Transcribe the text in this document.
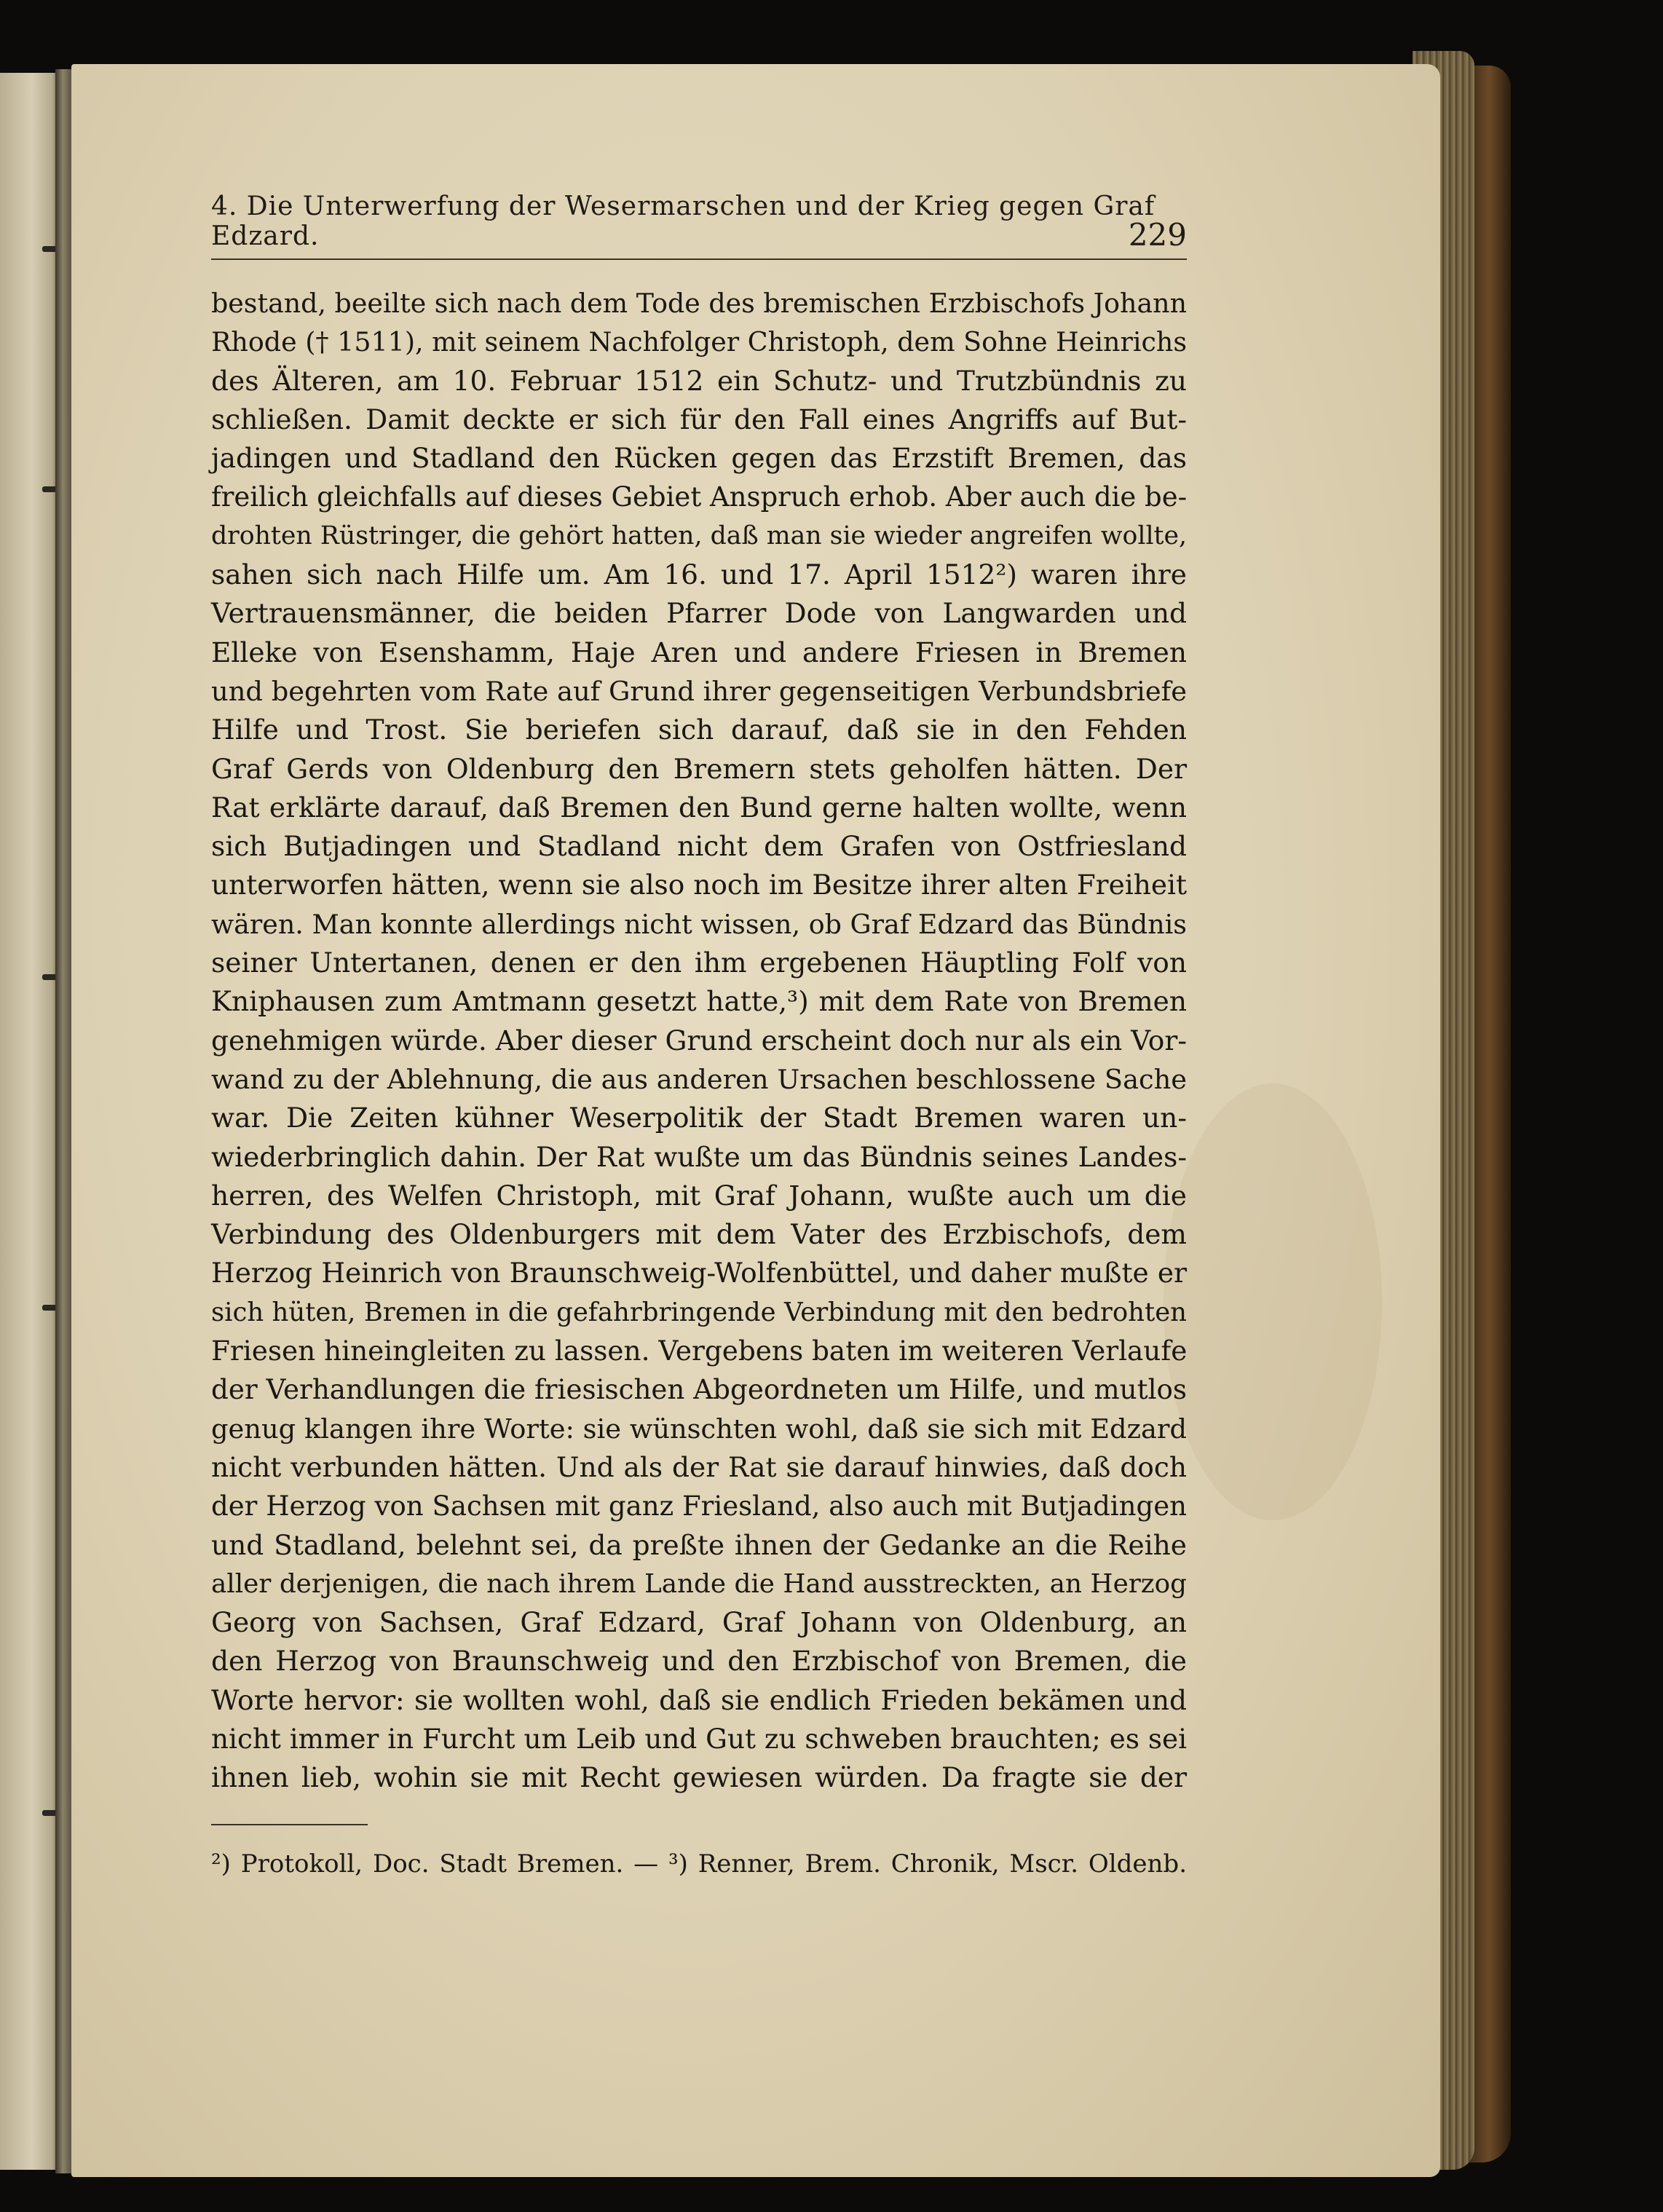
4. Die Unterwerfung der Wesermarschen und der Krieg gegen Graf Edzard.	229
bestand, beeilte sich nach dem Tode des bremischen Erzbischofs Johann
Rhode († 1511), mit seinem Nachfolger Christoph, dem Sohne Heinrichs
des Älteren, am 10. Februar 1512 ein Schutz- und Trutzbündnis zu
schließen. Damit deckte er sich für den Fall eines Angriffs auf But-
jadingen und Stadland den Rücken gegen das Erzstift Bremen, das
freilich gleichfalls auf dieses Gebiet Anspruch erhob. Aber auch die be-
drohten Rüstringer, die gehört hatten, daß man sie wieder angreifen wollte,
sahen sich nach Hilfe um. Am 16. und 17. April 1512²) waren ihre
Vertrauensmänner, die beiden Pfarrer Dode von Langwarden und
Elleke von Esenshamm, Haje Aren und andere Friesen in Bremen
und begehrten vom Rate auf Grund ihrer gegenseitigen Verbundsbriefe
Hilfe und Trost. Sie beriefen sich darauf, daß sie in den Fehden
Graf Gerds von Oldenburg den Bremern stets geholfen hätten. Der
Rat erklärte darauf, daß Bremen den Bund gerne halten wollte, wenn
sich Butjadingen und Stadland nicht dem Grafen von Ostfriesland
unterworfen hätten, wenn sie also noch im Besitze ihrer alten Freiheit
wären. Man konnte allerdings nicht wissen, ob Graf Edzard das Bündnis
seiner Untertanen, denen er den ihm ergebenen Häuptling Folf von
Kniphausen zum Amtmann gesetzt hatte,³) mit dem Rate von Bremen
genehmigen würde. Aber dieser Grund erscheint doch nur als ein Vor-
wand zu der Ablehnung, die aus anderen Ursachen beschlossene Sache
war. Die Zeiten kühner Weserpolitik der Stadt Bremen waren un-
wiederbringlich dahin. Der Rat wußte um das Bündnis seines Landes-
herren, des Welfen Christoph, mit Graf Johann, wußte auch um die
Verbindung des Oldenburgers mit dem Vater des Erzbischofs, dem
Herzog Heinrich von Braunschweig-Wolfenbüttel, und daher mußte er
sich hüten, Bremen in die gefahrbringende Verbindung mit den bedrohten
Friesen hineingleiten zu lassen. Vergebens baten im weiteren Verlaufe
der Verhandlungen die friesischen Abgeordneten um Hilfe, und mutlos
genug klangen ihre Worte: sie wünschten wohl, daß sie sich mit Edzard
nicht verbunden hätten. Und als der Rat sie darauf hinwies, daß doch
der Herzog von Sachsen mit ganz Friesland, also auch mit Butjadingen
und Stadland, belehnt sei, da preßte ihnen der Gedanke an die Reihe
aller derjenigen, die nach ihrem Lande die Hand ausstreckten, an Herzog
Georg von Sachsen, Graf Edzard, Graf Johann von Oldenburg, an
den Herzog von Braunschweig und den Erzbischof von Bremen, die
Worte hervor: sie wollten wohl, daß sie endlich Frieden bekämen und
nicht immer in Furcht um Leib und Gut zu schweben brauchten; es sei
ihnen lieb, wohin sie mit Recht gewiesen würden. Da fragte sie der
²) Protokoll, Doc. Stadt Bremen. — ³) Renner, Brem. Chronik, Mscr. Oldenb.
